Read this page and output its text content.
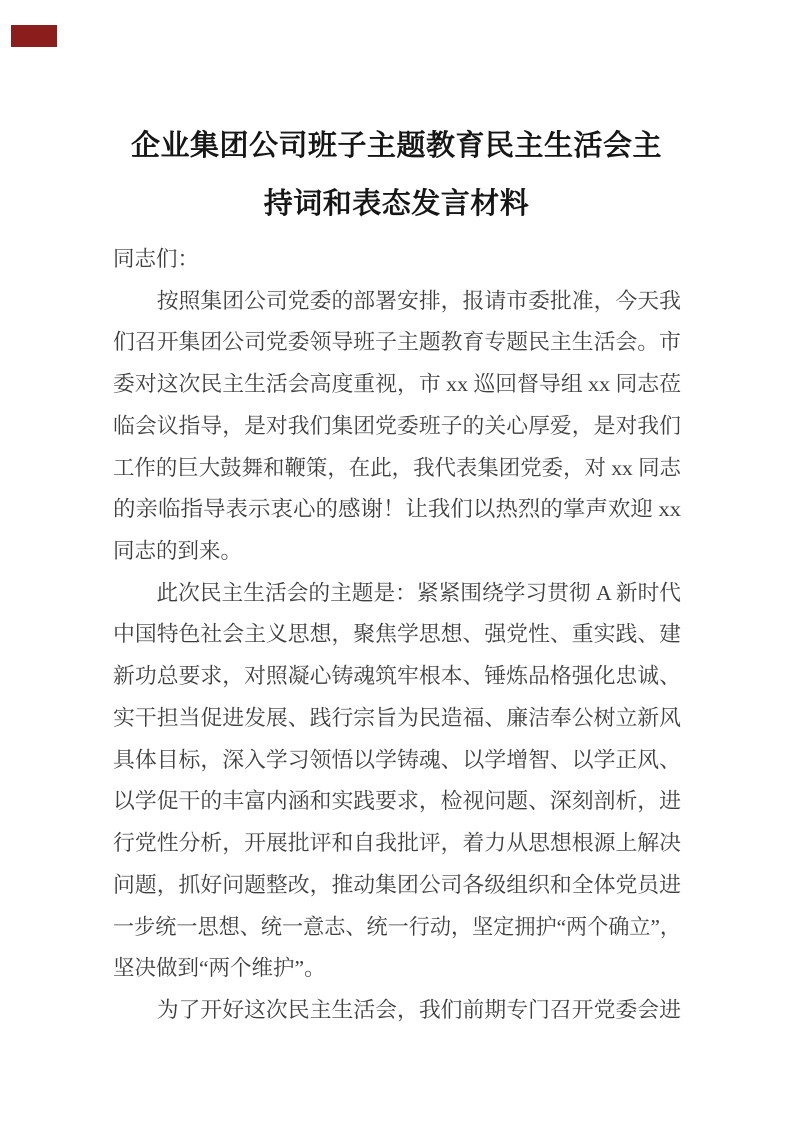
企业集团公司班子主题教育民主生活会主
持词和表态发言材料
同志们：
　　按照集团公司党委的部署安排，报请市委批准，今天我
们召开集团公司党委领导班子主题教育专题民主生活会。市
委对这次民主生活会高度重视，市 xx 巡回督导组 xx 同志莅
临会议指导，是对我们集团党委班子的关心厚爱，是对我们
工作的巨大鼓舞和鞭策，在此，我代表集团党委，对 xx 同志
的亲临指导表示衷心的感谢！让我们以热烈的掌声欢迎 xx
同志的到来。
　　此次民主生活会的主题是：紧紧围绕学习贯彻 A 新时代
中国特色社会主义思想，聚焦学思想、强党性、重实践、建
新功总要求，对照凝心铸魂筑牢根本、锤炼品格强化忠诚、
实干担当促进发展、践行宗旨为民造福、廉洁奉公树立新风
具体目标，深入学习领悟以学铸魂、以学增智、以学正风、
以学促干的丰富内涵和实践要求，检视问题、深刻剖析，进
行党性分析，开展批评和自我批评，着力从思想根源上解决
问题，抓好问题整改，推动集团公司各级组织和全体党员进
一步统一思想、统一意志、统一行动，坚定拥护“两个确立”，
坚决做到“两个维护”。
　　为了开好这次民主生活会，我们前期专门召开党委会进
